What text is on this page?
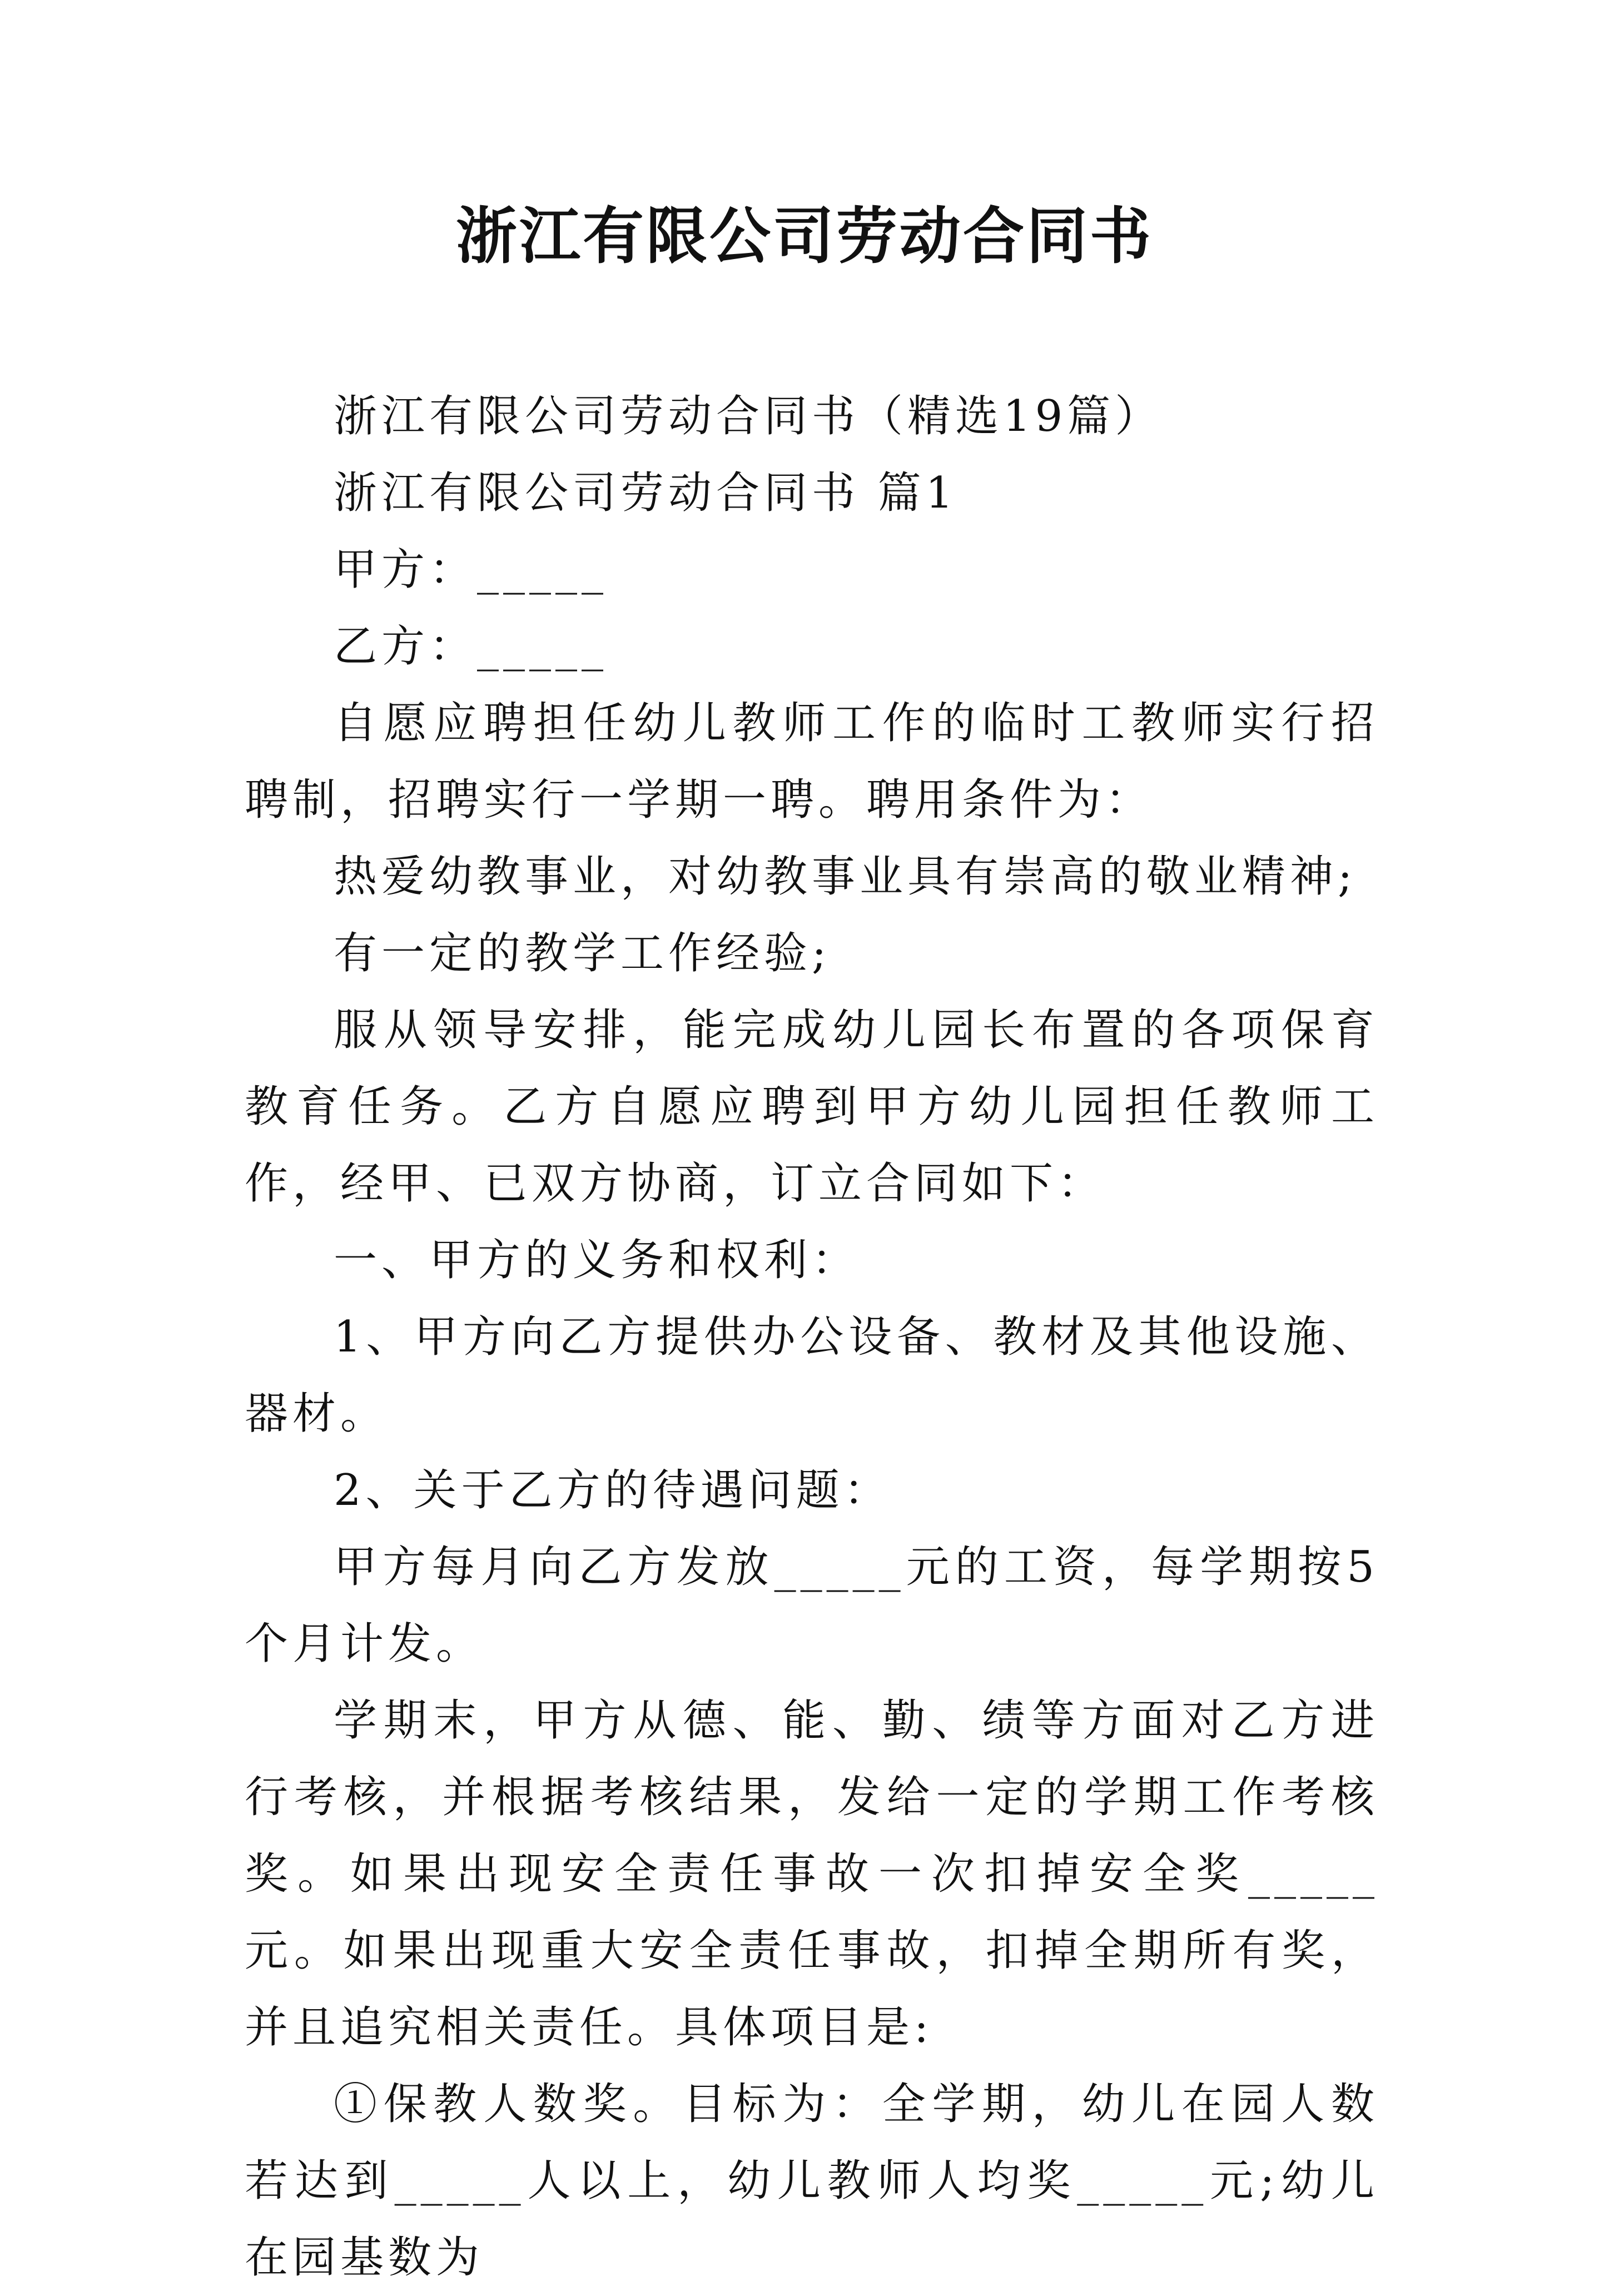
浙江有限公司劳动合同书

浙江有限公司劳动合同书（精选19篇）

浙江有限公司劳动合同书 篇1

甲方：_____

乙方：_____

自愿应聘担任幼儿教师工作的临时工教师实行招聘制，招聘实行一学期一聘。聘用条件为：

热爱幼教事业，对幼教事业具有崇高的敬业精神;

有一定的教学工作经验;

服从领导安排，能完成幼儿园长布置的各项保育教育任务。乙方自愿应聘到甲方幼儿园担任教师工作，经甲、已双方协商，订立合同如下：

一、甲方的义务和权利：

1、甲方向乙方提供办公设备、教材及其他设施、器材。

2、关于乙方的待遇问题：

甲方每月向乙方发放_____元的工资，每学期按5个月计发。

学期末，甲方从德、能、勤、绩等方面对乙方进行考核，并根据考核结果，发给一定的学期工作考核奖。如果出现安全责任事故一次扣掉安全奖_____元。如果出现重大安全责任事故，扣掉全期所有奖，并且追究相关责任。具体项目是:

①保教人数奖。目标为：全学期，幼儿在园人数若达到_____人以上，幼儿教师人均奖_____元;幼儿在园基数为
